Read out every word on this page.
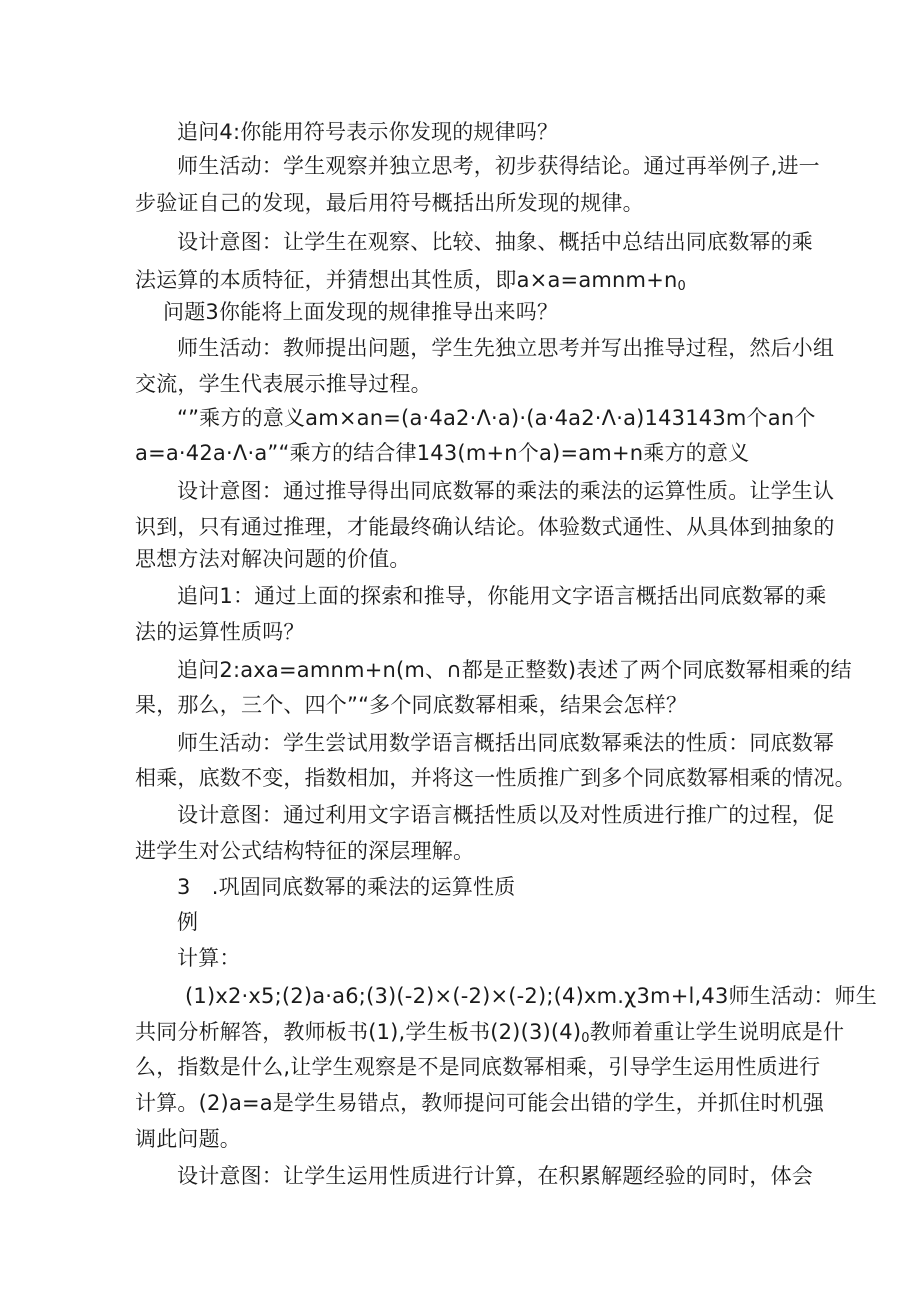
追问4:你能用符号表示你发现的规律吗？
师生活动：学生观察并独立思考，初步获得结论。通过再举例子,进一
步验证自己的发现，最后用符号概括出所发现的规律。
设计意图：让学生在观察、比较、抽象、概括中总结出同底数幂的乘
法运算的本质特征，并猜想出其性质，即$a\times a=amnm+n_0$
问题3你能将上面发现的规律推导出来吗？
师生活动：教师提出问题，学生先独立思考并写出推导过程，然后小组
交流，学生代表展示推导过程。
“”乘方的意义am×an=(a·4a2·Λ·a)·(a·4a2·Λ·a)143143m个an个
a=a·42a·Λ·a”“乘方的结合律143(m+n个a)=am+n乘方的意义
设计意图：通过推导得出同底数幂的乘法的乘法的运算性质。让学生认
识到，只有通过推理，才能最终确认结论。体验数式通性、从具体到抽象的
思想方法对解决问题的价值。
追问1：通过上面的探索和推导，你能用文字语言概括出同底数幂的乘
法的运算性质吗？
追问2:axa=amnm+n(m、∩都是正整数)表述了两个同底数幂相乘的结
果，那么，三个、四个”“多个同底数幂相乘，结果会怎样？
师生活动：学生尝试用数学语言概括出同底数幂乘法的性质：同底数幂
相乘，底数不变，指数相加，并将这一性质推广到多个同底数幂相乘的情况。
设计意图：通过利用文字语言概括性质以及对性质进行推广的过程，促
进学生对公式结构特征的深层理解。
3　.巩固同底数幂的乘法的运算性质
例
计算：
(1)x2·x5;(2)a·a6;(3)(-2)×(-2)×(-2);(4)xm.χ3m+l,43师生活动：师生
共同分析解答，教师板书(1),学生板书$(2)(3)(4)_0$教师着重让学生说明底是什
么，指数是什么,让学生观察是不是同底数幂相乘，引导学生运用性质进行
计算。(2)a=a是学生易错点，教师提问可能会出错的学生，并抓住时机强
调此问题。
设计意图：让学生运用性质进行计算，在积累解题经验的同时，体会
